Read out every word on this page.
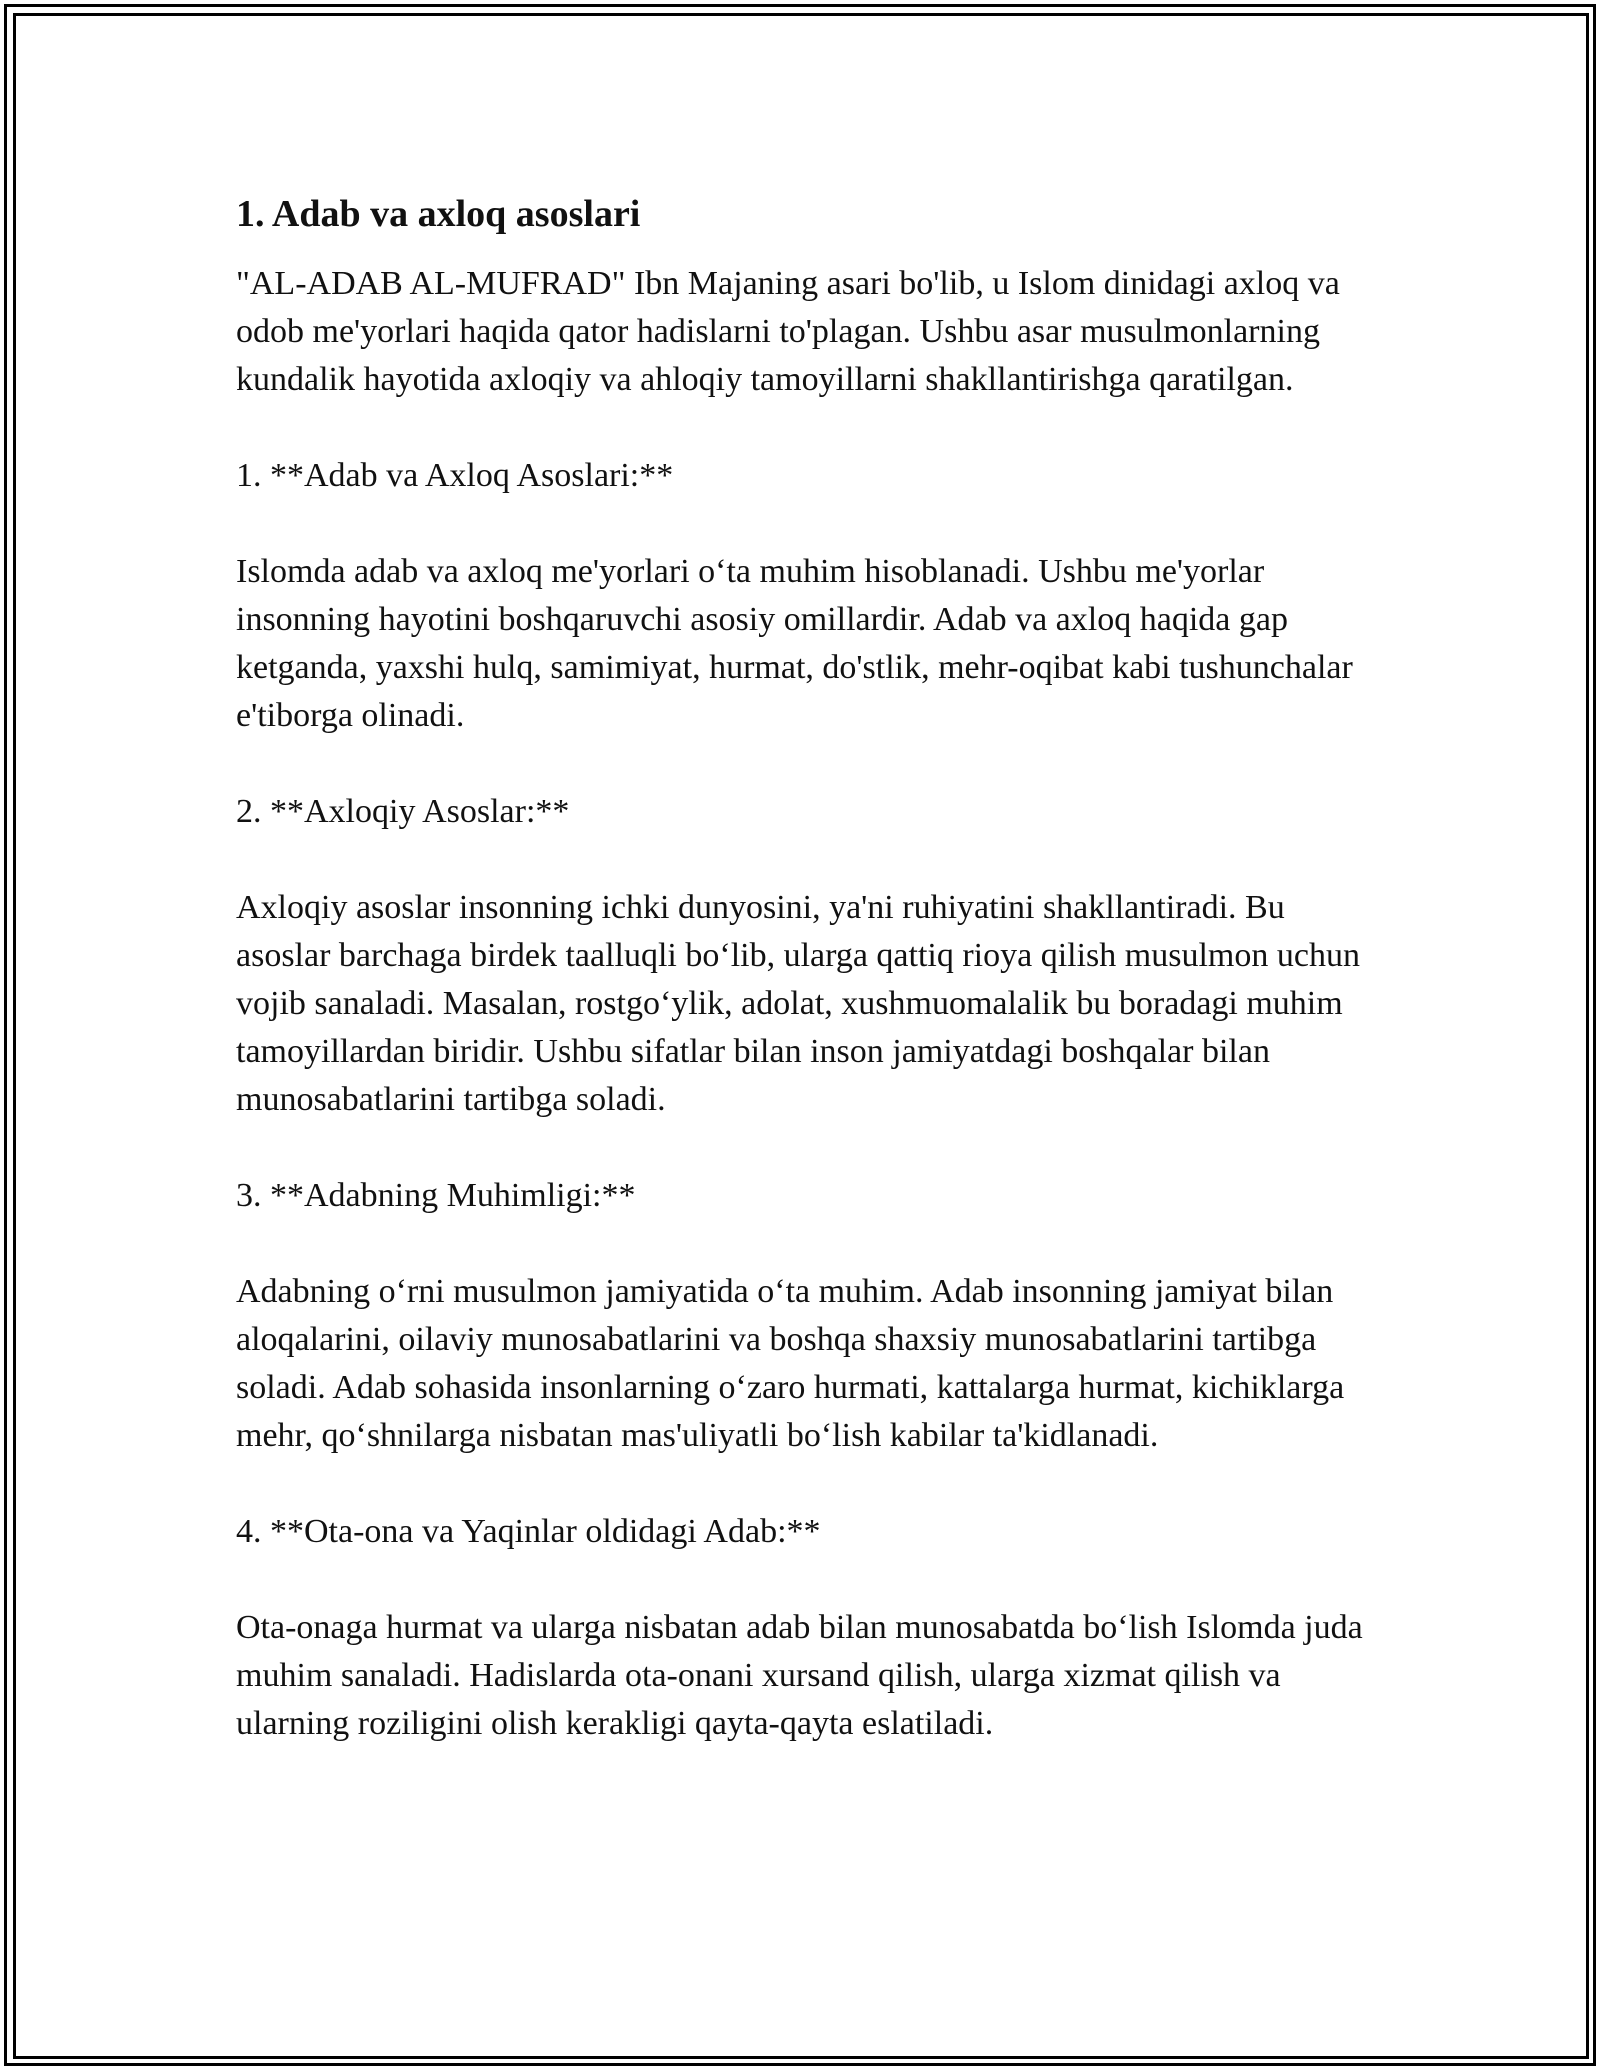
1. Adab va axloq asoslari

"AL-ADAB AL-MUFRAD" Ibn Majaning asari bo'lib, u Islom dinidagi axloq va odob me'yorlari haqida qator hadislarni to'plagan. Ushbu asar musulmonlarning kundalik hayotida axloqiy va ahloqiy tamoyillarni shakllantirishga qaratilgan.

1. **Adab va Axloq Asoslari:**

Islomda adab va axloq me'yorlari oʻta muhim hisoblanadi. Ushbu me'yorlar insonning hayotini boshqaruvchi asosiy omillardir. Adab va axloq haqida gap ketganda, yaxshi hulq, samimiyat, hurmat, do'stlik, mehr-oqibat kabi tushunchalar e'tiborga olinadi.

2. **Axloqiy Asoslar:**

Axloqiy asoslar insonning ichki dunyosini, ya'ni ruhiyatini shakllantiradi. Bu asoslar barchaga birdek taalluqli boʻlib, ularga qattiq rioya qilish musulmon uchun vojib sanaladi. Masalan, rostgoʻylik, adolat, xushmuomalalik bu boradagi muhim tamoyillardan biridir. Ushbu sifatlar bilan inson jamiyatdagi boshqalar bilan munosabatlarini tartibga soladi.

3. **Adabning Muhimligi:**

Adabning oʻrni musulmon jamiyatida oʻta muhim. Adab insonning jamiyat bilan aloqalarini, oilaviy munosabatlarini va boshqa shaxsiy munosabatlarini tartibga soladi. Adab sohasida insonlarning oʻzaro hurmati, kattalarga hurmat, kichiklarga mehr, qoʻshnilarga nisbatan mas'uliyatli boʻlish kabilar ta'kidlanadi.

4. **Ota-ona va Yaqinlar oldidagi Adab:**

Ota-onaga hurmat va ularga nisbatan adab bilan munosabatda boʻlish Islomda juda muhim sanaladi. Hadislarda ota-onani xursand qilish, ularga xizmat qilish va ularning roziligini olish kerakligi qayta-qayta eslatiladi.
